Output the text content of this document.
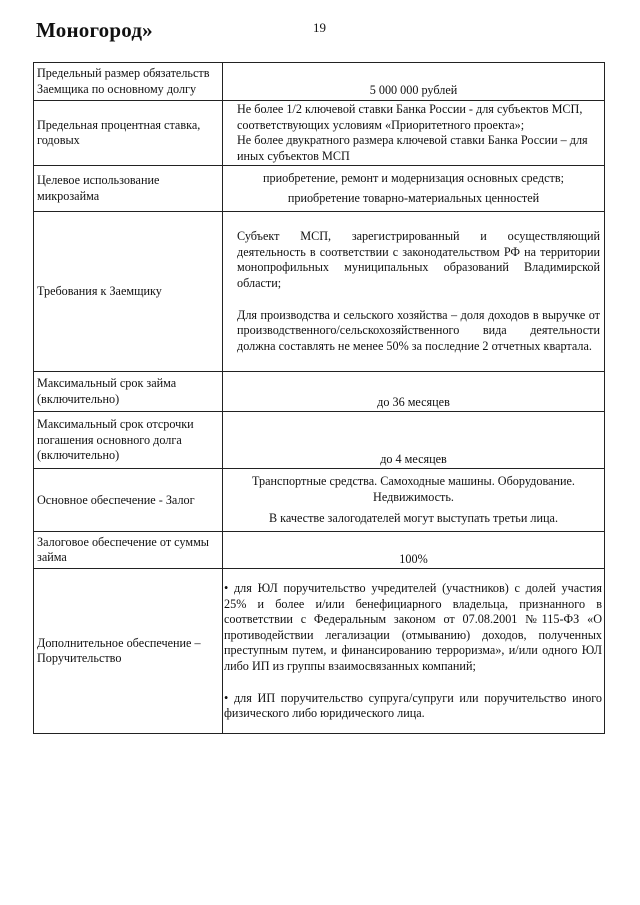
Моногород»	19
Предельный размер обязательств Заемщика по основному долгу	5 000 000 рублей
Предельная процентная ставка, годовых	Не более 1/2 ключевой ставки Банка России - для субъектов МСП, соответствующих условиям «Приоритетного проекта»;

Не более двукратного размера ключевой ставки Банка России – для иных субъектов МСП

Целевое использование микрозайма	приобретение, ремонт и модернизация основных средств;

приобретение товарно-материальных ценностей

Требования к Заемщику	Субъект МСП, зарегистрированный и осуществляющий деятельность в соответствии с законодательством РФ на территории монопрофильных муниципальных образований Владимирской области;

Для производства и сельского хозяйства – доля доходов в выручке от производственного/сельскохозяйственного вида деятельности должна составлять не менее 50% за последние 2 отчетных квартала.

Максимальный срок займа (включительно)	до 36 месяцев
Максимальный срок отсрочки погашения основного долга (включительно)	до 4 месяцев
Основное обеспечение - Залог	Транспортные средства. Самоходные машины. Оборудование. Недвижимость.

В качестве залогодателей могут выступать третьи лица.

Залоговое обеспечение от суммы займа	100%
Дополнительное обеспечение – Поручительство	• для ЮЛ поручительство учредителей (участников) с долей участия 25% и более и/или бенефициарного владельца, признанного в соответствии с Федеральным законом от 07.08.2001 №115-ФЗ «О противодействии легализации (отмыванию) доходов, полученных преступным путем, и финансированию терроризма», и/или одного ЮЛ либо ИП из группы взаимосвязанных компаний;

• для ИП поручительство супруга/супруги или поручительство иного физического либо юридического лица.
